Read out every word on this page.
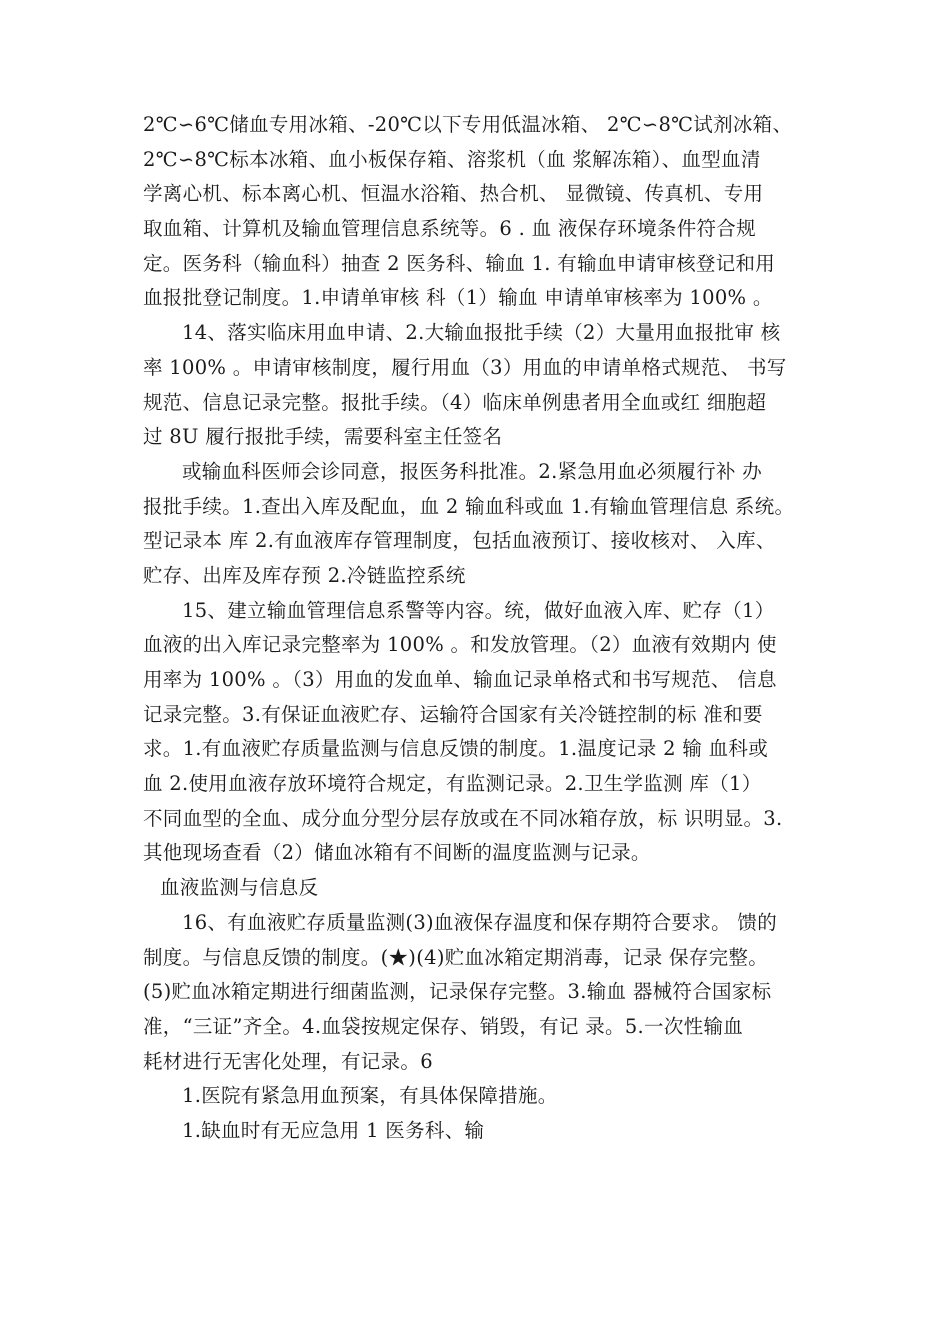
2℃∽6℃储血专用冰箱、-20℃以下专用低温冰箱、 2℃∽8℃试剂冰箱、
2℃∽8℃标本冰箱、血小板保存箱、溶浆机（血 浆解冻箱）、血型血清
学离心机、标本离心机、恒温水浴箱、热合机、 显微镜、传真机、专用
取血箱、计算机及输血管理信息系统等。6 . 血 液保存环境条件符合规
定。医务科（输血科）抽查 2 医务科、输血 1. 有输血申请审核登记和用
血报批登记制度。1.申请单审核 科（1）输血 申请单审核率为 100% 。
14、落实临床用血申请、2.大输血报批手续（2）大量用血报批审 核
率 100% 。申请审核制度，履行用血（3）用血的申请单格式规范、 书写
规范、信息记录完整。报批手续。（4）临床单例患者用全血或红 细胞超
过 8U 履行报批手续，需要科室主任签名
或输血科医师会诊同意，报医务科批准。2.紧急用血必须履行补 办
报批手续。1.查出入库及配血，血 2 输血科或血 1.有输血管理信息 系统。
型记录本 库 2.有血液库存管理制度，包括血液预订、接收核对、 入库、
贮存、出库及库存预 2.冷链监控系统
15、建立输血管理信息系警等内容。统，做好血液入库、贮存（1）
血液的出入库记录完整率为 100% 。和发放管理。（2）血液有效期内 使
用率为 100% 。（3）用血的发血单、输血记录单格式和书写规范、 信息
记录完整。3.有保证血液贮存、运输符合国家有关冷链控制的标 准和要
求。1.有血液贮存质量监测与信息反馈的制度。1.温度记录 2 输 血科或
血 2.使用血液存放环境符合规定，有监测记录。2.卫生学监测 库（1）
不同血型的全血、成分血分型分层存放或在不同冰箱存放，标 识明显。3.
其他现场查看（2）储血冰箱有不间断的温度监测与记录。
血液监测与信息反
16、有血液贮存质量监测(3)血液保存温度和保存期符合要求。 馈的
制度。与信息反馈的制度。(★)(4)贮血冰箱定期消毒，记录 保存完整。
(5)贮血冰箱定期进行细菌监测，记录保存完整。3.输血 器械符合国家标
准，“三证”齐全。4.血袋按规定保存、销毁，有记 录。5.一次性输血
耗材进行无害化处理，有记录。6
1.医院有紧急用血预案，有具体保障措施。
1.缺血时有无应急用 1 医务科、输
